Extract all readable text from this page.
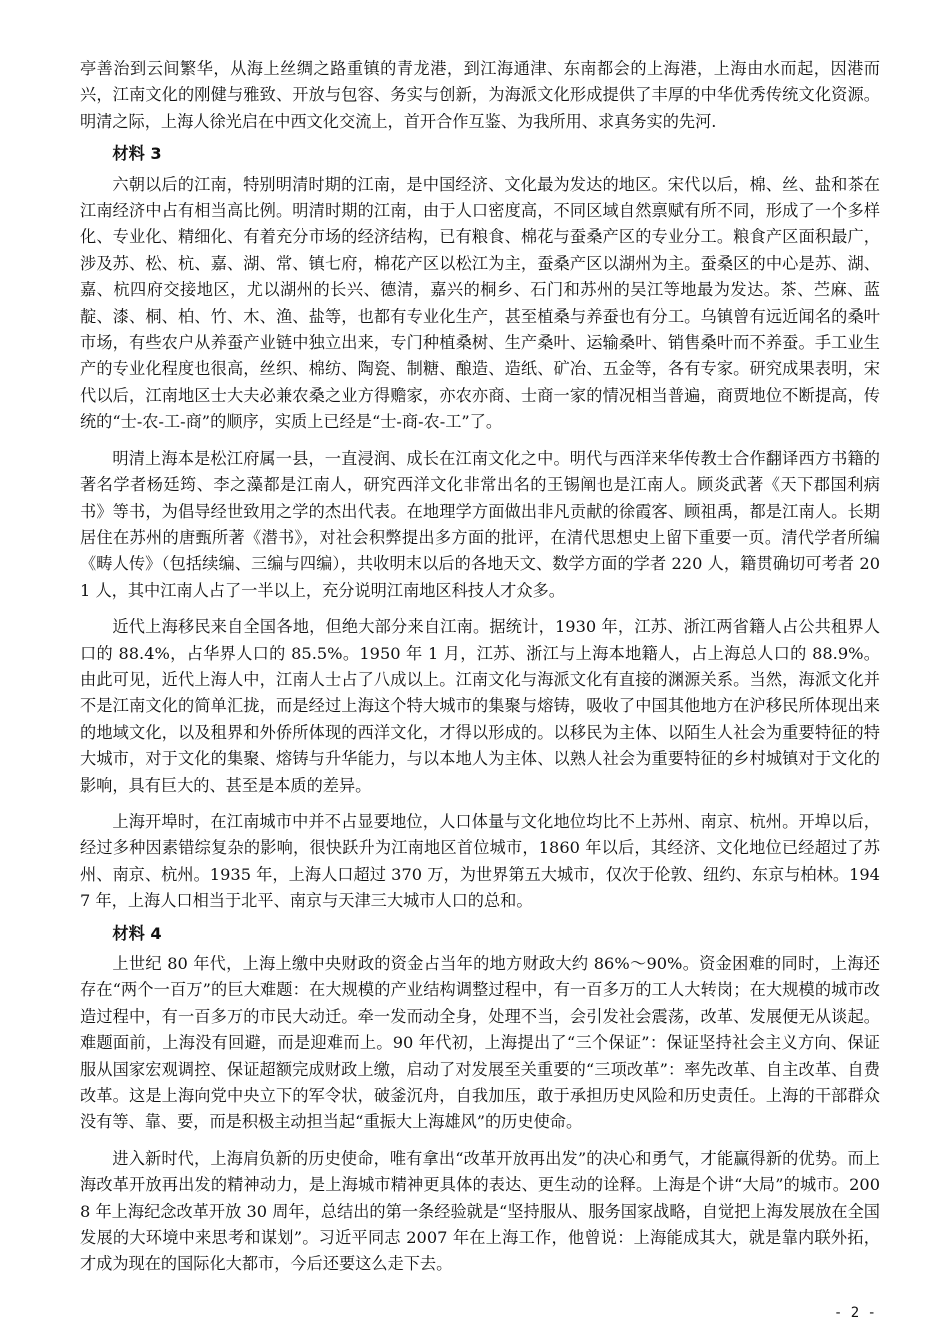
亭善治到云间繁华，从海上丝绸之路重镇的青龙港，到江海通津、东南都会的上海港，上海由水而起，因港而兴，江南文化的刚健与雅致、开放与包容、务实与创新，为海派文化形成提供了丰厚的中华优秀传统文化资源。明清之际，上海人徐光启在中西文化交流上，首开合作互鉴、为我所用、求真务实的先河.

材料 3

六朝以后的江南，特别明清时期的江南，是中国经济、文化最为发达的地区。宋代以后，棉、丝、盐和茶在江南经济中占有相当高比例。明清时期的江南，由于人口密度高，不同区域自然禀赋有所不同，形成了一个多样化、专业化、精细化、有着充分市场的经济结构，已有粮食、棉花与蚕桑产区的专业分工。粮食产区面积最广，涉及苏、松、杭、嘉、湖、常、镇七府，棉花产区以松江为主，蚕桑产区以湖州为主。蚕桑区的中心是苏、湖、嘉、杭四府交接地区，尤以湖州的长兴、德清，嘉兴的桐乡、石门和苏州的吴江等地最为发达。茶、苎麻、蓝靛、漆、桐、柏、竹、木、渔、盐等，也都有专业化生产，甚至植桑与养蚕也有分工。乌镇曾有远近闻名的桑叶市场，有些农户从养蚕产业链中独立出来，专门种植桑树、生产桑叶、运输桑叶、销售桑叶而不养蚕。手工业生产的专业化程度也很高，丝织、棉纺、陶瓷、制糖、酿造、造纸、矿冶、五金等，各有专家。研究成果表明，宋代以后，江南地区士大夫必兼农桑之业方得赡家，亦农亦商、士商一家的情况相当普遍，商贾地位不断提高，传统的“士-农-工-商”的顺序，实质上已经是“士-商-农-工”了。

明清上海本是松江府属一县，一直浸润、成长在江南文化之中。明代与西洋来华传教士合作翻译西方书籍的著名学者杨廷筠、李之藻都是江南人，研究西洋文化非常出名的王锡阐也是江南人。顾炎武著《天下郡国利病书》等书，为倡导经世致用之学的杰出代表。在地理学方面做出非凡贡献的徐霞客、顾祖禹，都是江南人。长期居住在苏州的唐甄所著《潜书》，对社会积弊提出多方面的批评，在清代思想史上留下重要一页。清代学者所编《畴人传》（包括续编、三编与四编），共收明末以后的各地天文、数学方面的学者 220 人，籍贯确切可考者 201 人，其中江南人占了一半以上，充分说明江南地区科技人才众多。

近代上海移民来自全国各地，但绝大部分来自江南。据统计，1930 年，江苏、浙江两省籍人占公共租界人口的 88.4%，占华界人口的 85.5%。1950 年 1 月，江苏、浙江与上海本地籍人，占上海总人口的 88.9%。由此可见，近代上海人中，江南人士占了八成以上。江南文化与海派文化有直接的渊源关系。当然，海派文化并不是江南文化的简单汇拢，而是经过上海这个特大城市的集聚与熔铸，吸收了中国其他地方在沪移民所体现出来的地域文化，以及租界和外侨所体现的西洋文化，才得以形成的。以移民为主体、以陌生人社会为重要特征的特大城市，对于文化的集聚、熔铸与升华能力，与以本地人为主体、以熟人社会为重要特征的乡村城镇对于文化的影响，具有巨大的、甚至是本质的差异。

上海开埠时，在江南城市中并不占显要地位，人口体量与文化地位均比不上苏州、南京、杭州。开埠以后，经过多种因素错综复杂的影响，很快跃升为江南地区首位城市，1860 年以后，其经济、文化地位已经超过了苏州、南京、杭州。1935 年，上海人口超过 370 万，为世界第五大城市，仅次于伦敦、纽约、东京与柏林。1947 年，上海人口相当于北平、南京与天津三大城市人口的总和。

材料 4

上世纪 80 年代，上海上缴中央财政的资金占当年的地方财政大约 86%～90%。资金困难的同时，上海还存在“两个一百万”的巨大难题：在大规模的产业结构调整过程中，有一百多万的工人大转岗；在大规模的城市改造过程中，有一百多万的市民大动迁。牵一发而动全身，处理不当，会引发社会震荡，改革、发展便无从谈起。难题面前，上海没有回避，而是迎难而上。90 年代初，上海提出了“三个保证”：保证坚持社会主义方向、保证服从国家宏观调控、保证超额完成财政上缴，启动了对发展至关重要的“三项改革”：率先改革、自主改革、自费改革。这是上海向党中央立下的军令状，破釜沉舟，自我加压，敢于承担历史风险和历史责任。上海的干部群众没有等、靠、要，而是积极主动担当起“重振大上海雄风”的历史使命。

进入新时代，上海肩负新的历史使命，唯有拿出“改革开放再出发”的决心和勇气，才能赢得新的优势。而上海改革开放再出发的精神动力，是上海城市精神更具体的表达、更生动的诠释。上海是个讲“大局”的城市。2008 年上海纪念改革开放 30 周年，总结出的第一条经验就是“坚持服从、服务国家战略，自觉把上海发展放在全国发展的大环境中来思考和谋划”。习近平同志 2007 年在上海工作，他曾说：上海能成其大，就是靠内联外拓，才成为现在的国际化大都市，今后还要这么走下去。

- 2 -
